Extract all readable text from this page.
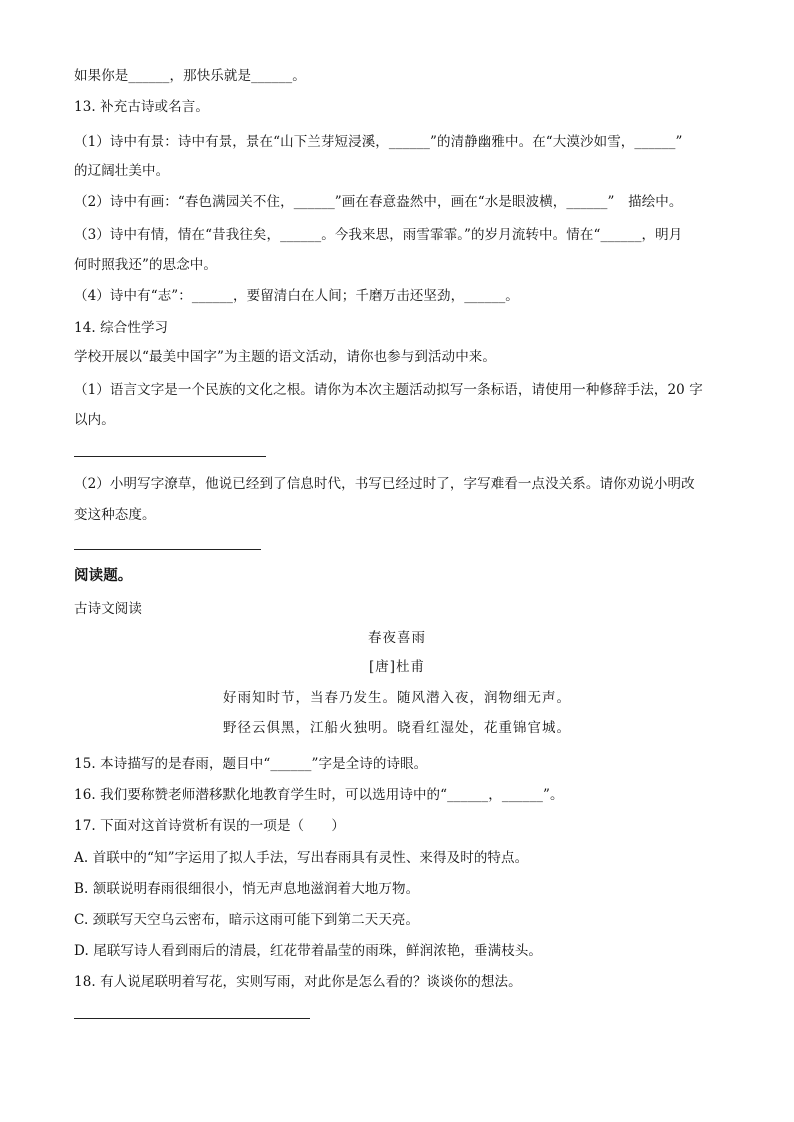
如果你是______，那快乐就是______。
13. 补充古诗或名言。
（1）诗中有景：诗中有景，景在“山下兰芽短浸溪，______”的清静幽雅中。在“大漠沙如雪，______”
的辽阔壮美中。
（2）诗中有画：“春色满园关不住，______”画在春意盎然中，画在“水是眼波横，______”　描绘中。
（3）诗中有情，情在“昔我往矣，______。今我来思，雨雪霏霏。”的岁月流转中。情在“______，明月
何时照我还”的思念中。
（4）诗中有“志”：______，要留清白在人间；千磨万击还坚劲，______。
14. 综合性学习
学校开展以“最美中国字”为主题的语文活动，请你也参与到活动中来。
（1）语言文字是一个民族的文化之根。请你为本次主题活动拟写一条标语，请使用一种修辞手法，20 字
以内。
（2）小明写字潦草，他说已经到了信息时代，书写已经过时了，字写难看一点没关系。请你劝说小明改
变这种态度。
阅读题。
古诗文阅读
春夜喜雨
[唐]杜甫
好雨知时节，当春乃发生。随风潜入夜，润物细无声。
野径云俱黑，江船火独明。晓看红湿处，花重锦官城。
15. 本诗描写的是春雨，题目中“______”字是全诗的诗眼。
16. 我们要称赞老师潜移默化地教育学生时，可以选用诗中的“______，______”。
17. 下面对这首诗赏析有误的一项是（　　）
A. 首联中的“知”字运用了拟人手法，写出春雨具有灵性、来得及时的特点。
B. 颔联说明春雨很细很小，悄无声息地滋润着大地万物。
C. 颈联写天空乌云密布，暗示这雨可能下到第二天天亮。
D. 尾联写诗人看到雨后的清晨，红花带着晶莹的雨珠，鲜润浓艳，垂满枝头。
18. 有人说尾联明着写花，实则写雨，对此你是怎么看的？谈谈你的想法。
